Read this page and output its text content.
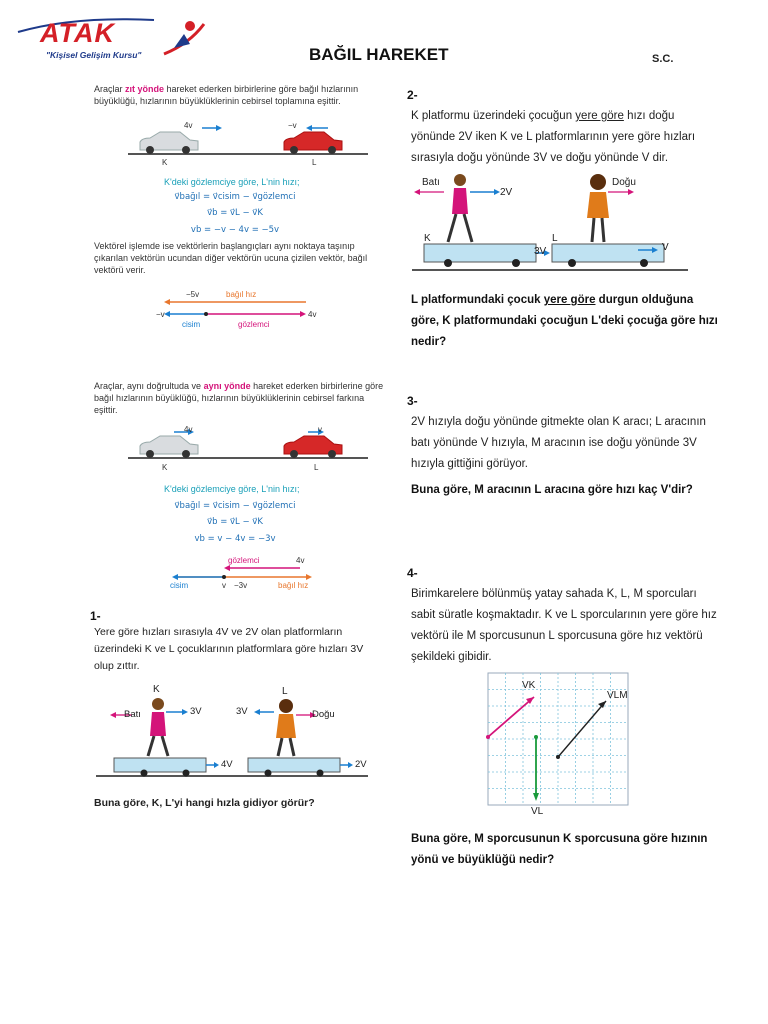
ATAK
"Kişisel Gelişim Kursu"	BAĞIL HAREKET	S.C.
Araçlar zıt yönde hareket ederken birbirlerine göre bağıl hızlarının büyüklüğü, hızlarının büyüklüklerinin cebirsel toplamına eşittir.
4v	−v
K	L
K'deki gözlemciye göre, L'nin hızı;
v⃗bağıl = v⃗cisim − v⃗gözlemci
v⃗b = v⃗L − v⃗K
vb = −v − 4v = −5v
Vektörel işlemde ise vektörlerin başlangıçları aynı noktaya taşınıp çıkarılan vektörün ucundan diğer vektörün ucuna çizilen vektör, bağıl vektörü verir.
−5v	bağıl hız
−v	4v
cisim	gözlemci
Araçlar, aynı doğrultuda ve aynı yönde hareket ederken birbirlerine göre bağıl hızlarının büyüklüğü, hızlarının büyüklüklerinin cebirsel farkına eşittir.
4v	v
K	L
K'deki gözlemciye göre, L'nin hızı;
v⃗bağıl = v⃗cisim − v⃗gözlemci
v⃗b = v⃗L − v⃗K
vb = v − 4v = −3v
gözlemci	4v
cisim	v −3v	bağıl hız
1-
Yere göre hızları sırasıyla 4V ve 2V olan platformların üzerindeki K ve L çocuklarının platformlara göre hızları 3V olup zıttır.
K	L
Batı	Doğu
3V	3V
4V	2V
Buna göre, K, L'yi hangi hızla gidiyor görür?
2-
K platformu üzerindeki çocuğun yere göre hızı doğu yönünde 2V iken K ve L platformlarının yere göre hızları sırasıyla doğu yönünde 3V ve doğu yönünde V dir.
Batı	Doğu
2V
K	L
3V	V
L platformundaki çocuk yere göre durgun olduğuna göre, K platformundaki çocuğun L'deki çocuğa göre hızı nedir?
3-
2V hızıyla doğu yönünde gitmekte olan K aracı; L aracının batı yönünde V hızıyla, M aracının ise doğu yönünde 3V hızıyla gittiğini görüyor.
Buna göre, M aracının L aracına göre hızı kaç V'dir?
4-
Birimkarelere bölünmüş yatay sahada K, L, M sporcuları sabit süratle koşmaktadır. K ve L sporcularının yere göre hız vektörü ile M sporcusunun L sporcusuna göre hız vektörü şekildeki gibidir.
VK
VLM
VL
Buna göre, M sporcusunun K sporcusuna göre hızının yönü ve büyüklüğü nedir?
